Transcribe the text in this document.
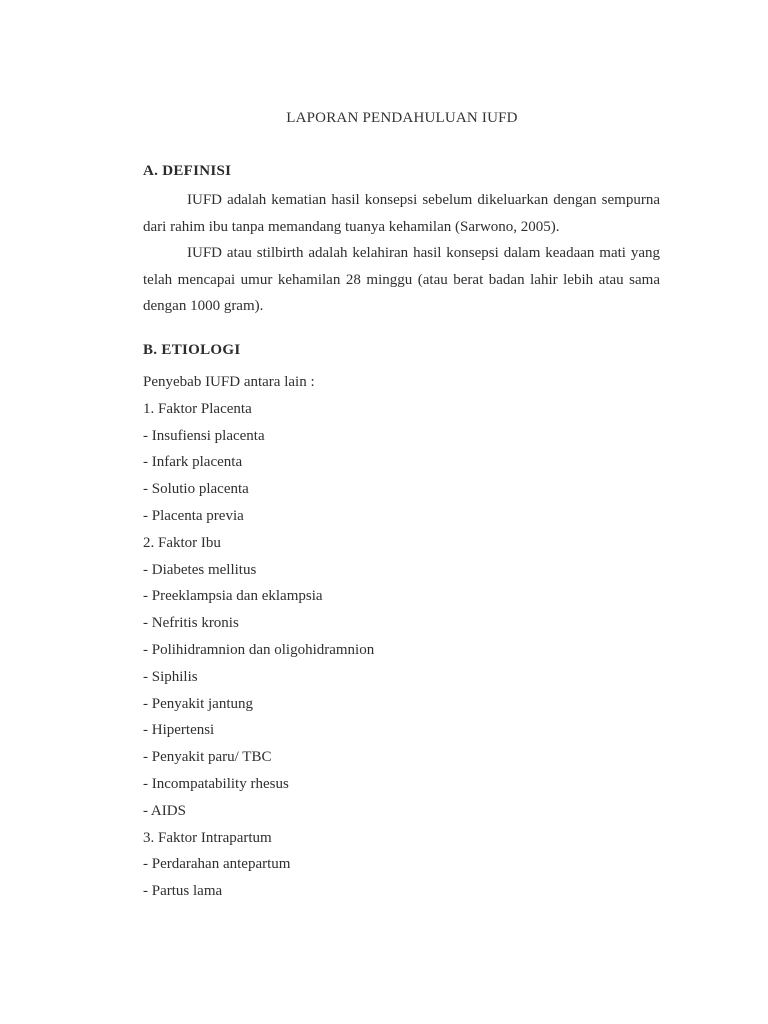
LAPORAN PENDAHULUAN IUFD
A. DEFINISI
IUFD adalah kematian hasil konsepsi sebelum dikeluarkan dengan sempurna dari rahim ibu tanpa memandang tuanya kehamilan (Sarwono, 2005).
IUFD atau stilbirth adalah kelahiran hasil konsepsi dalam keadaan mati yang telah mencapai umur kehamilan 28 minggu (atau berat badan lahir lebih atau sama dengan 1000 gram).
B. ETIOLOGI
Penyebab IUFD antara lain :
1. Faktor Placenta
- Insufiensi placenta
- Infark placenta
- Solutio placenta
- Placenta previa
2. Faktor Ibu
- Diabetes mellitus
- Preeklampsia dan eklampsia
- Nefritis kronis
- Polihidramnion dan oligohidramnion
- Siphilis
- Penyakit jantung
- Hipertensi
- Penyakit paru/ TBC
- Incompatability rhesus
- AIDS
3. Faktor Intrapartum
- Perdarahan antepartum
- Partus lama
